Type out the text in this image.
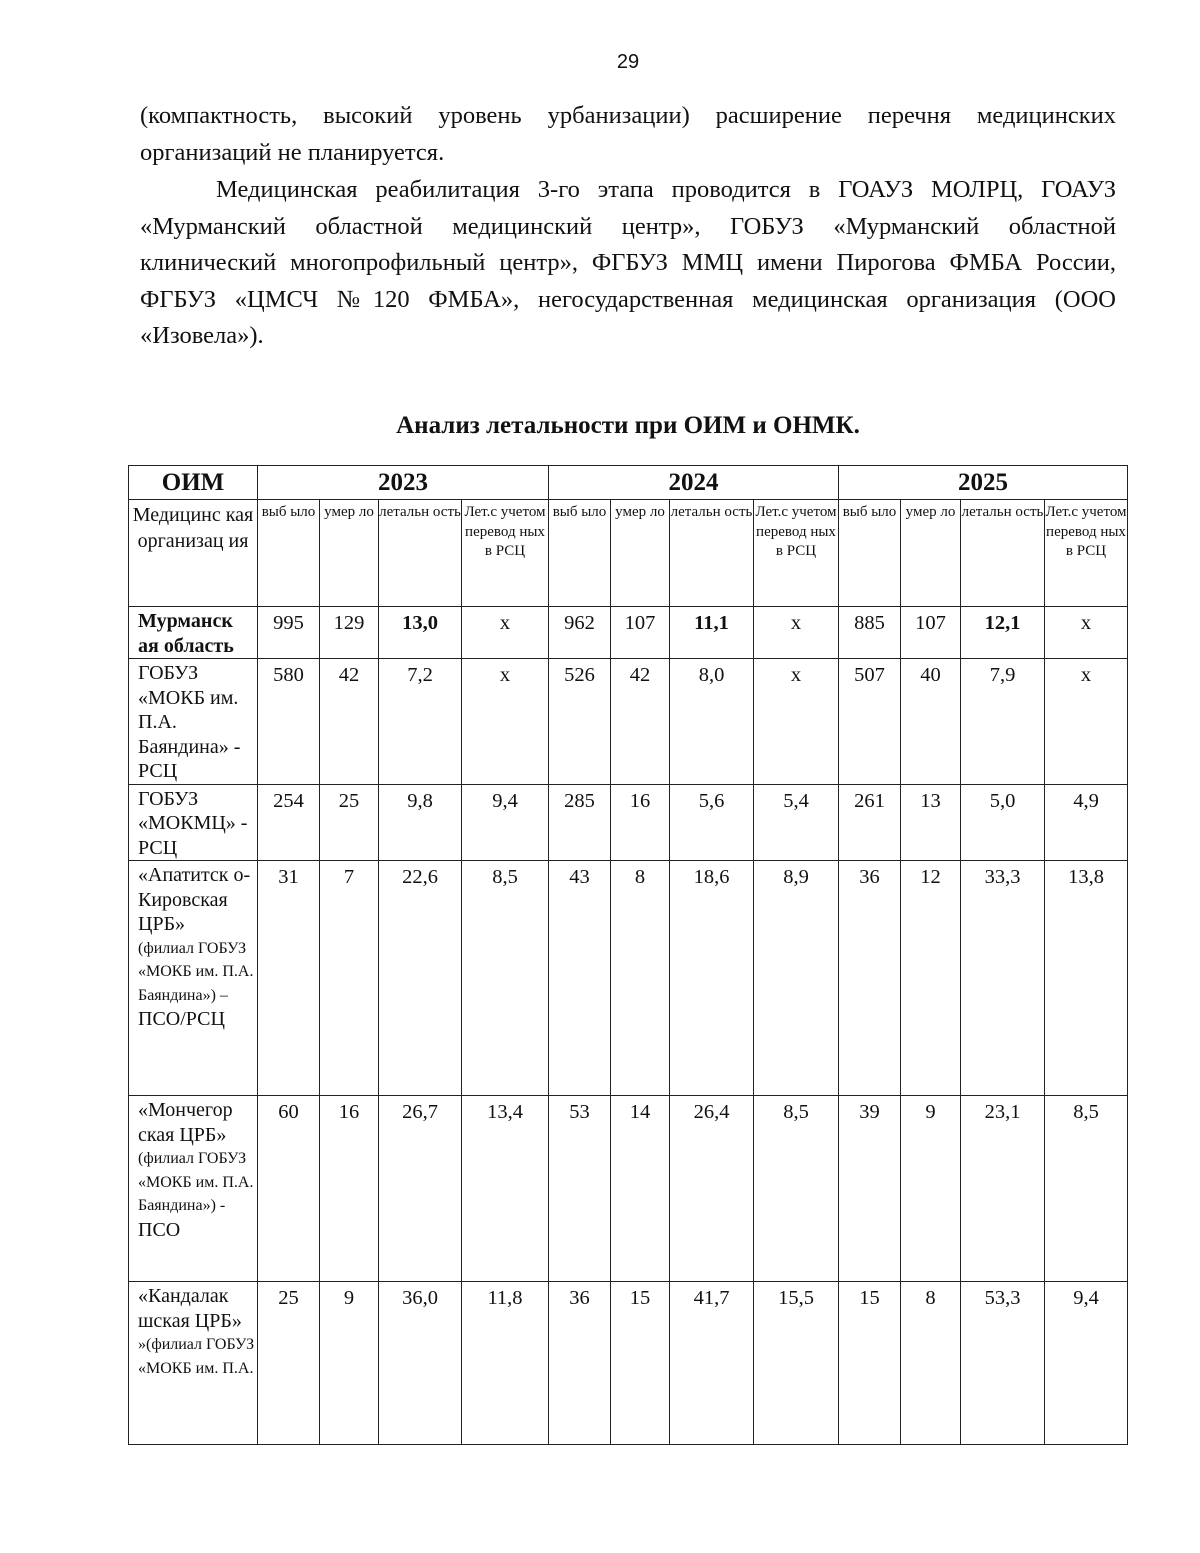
29

(компактность, высокий уровень урбанизации) расширение перечня медицинских организаций не планируется.

Медицинская реабилитация 3-го этапа проводится в ГОАУЗ МОЛРЦ, ГОАУЗ «Мурманский областной медицинский центр», ГОБУЗ «Мурманский областной клинический многопрофильный центр», ФГБУЗ ММЦ имени Пирогова ФМБА России, ФГБУЗ «ЦМСЧ №120 ФМБА», негосударственная медицинская организация (ООО «Изовела»).

Анализ летальности при ОИМ и ОНМК.
ОИМ	2023				2024				2025			
Медицинс кая организац ия	выб ыло	умер ло	летальн ость	Лет.с учетом перевод ных в РСЦ	выб ыло	умер ло	летальн ость	Лет.с учетом перевод ных в РСЦ	выб ыло	умер ло	летальн ость	Лет.с учетом перевод ных в РСЦ

Мурманск ая область	995	129	13,0	x	962	107	11,1	x	885	107	12,1	x

ГОБУЗ «МОКБ им. П.А. Баяндина» - РСЦ	580	42	7,2	x	526	42	8,0	x	507	40	7,9	x

ГОБУЗ «МОКМЦ» - РСЦ	254	25	9,8	9,4	285	16	5,6	5,4	261	13	5,0	4,9

«Апатитск о- Кировская ЦРБ»
(филиал ГОБУЗ «МОКБ им. П.А. Баяндина») –
ПСО/РСЦ	31	7	22,6	8,5	43	8	18,6	8,9	36	12	33,3	13,8

«Мончегор ская ЦРБ»
(филиал ГОБУЗ «МОКБ им. П.А. Баяндина») -
ПСО	60	16	26,7	13,4	53	14	26,4	8,5	39	9	23,1	8,5

«Кандалак шская ЦРБ»
»(филиал ГОБУЗ «МОКБ им. П.А.	25	9	36,0	11,8	36	15	41,7	15,5	15	8	53,3	9,4
